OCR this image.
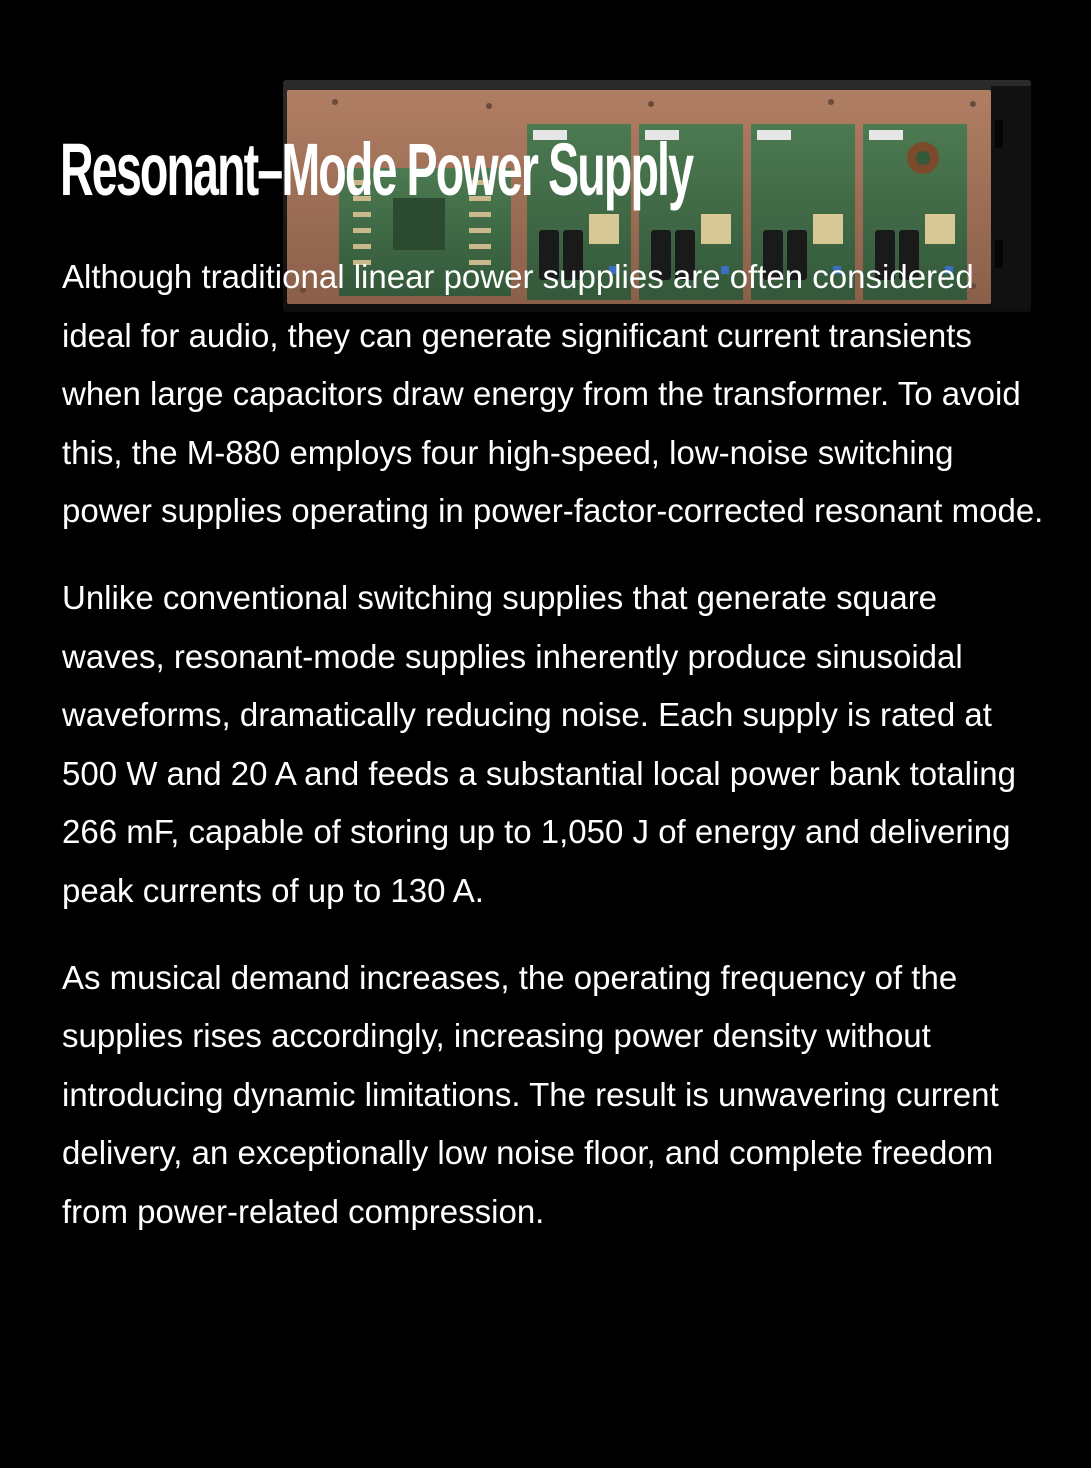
Resonant–Mode Power Supply

Although traditional linear power supplies are often considered ideal for audio, they can generate significant current transients when large capacitors draw energy from the transformer. To avoid this, the M-880 employs four high-speed, low-noise switching power supplies operating in power-factor-corrected resonant mode.

Unlike conventional switching supplies that generate square waves, resonant-mode supplies inherently produce sinusoidal waveforms, dramatically reducing noise. Each supply is rated at 500 W and 20 A and feeds a substantial local power bank totaling 266 mF, capable of storing up to 1,050 J of energy and delivering peak currents of up to 130 A.

As musical demand increases, the operating frequency of the supplies rises accordingly, increasing power density without introducing dynamic limitations. The result is unwavering current delivery, an exceptionally low noise floor, and complete freedom from power-related compression.
